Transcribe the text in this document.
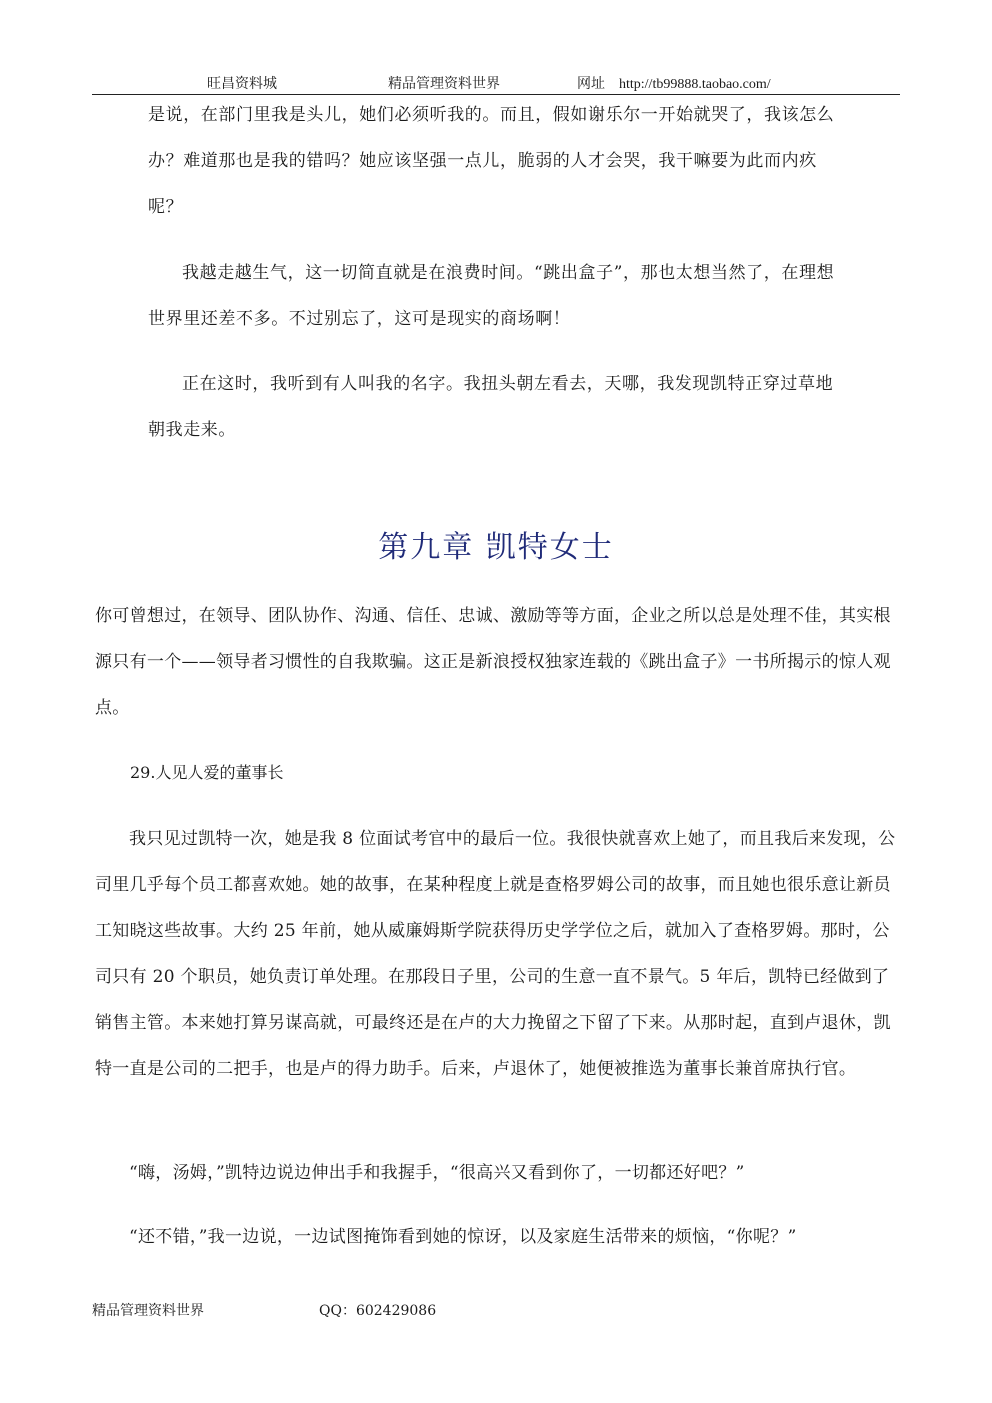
旺昌资料城	精品管理资料世界	网址 http://tb99888.taobao.com/

是说，在部门里我是头儿，她们必须听我的。而且，假如谢乐尔一开始就哭了，我该怎么办？难道那也是我的错吗？她应该坚强一点儿，脆弱的人才会哭，我干嘛要为此而内疚呢？

我越走越生气，这一切简直就是在浪费时间。“跳出盒子”，那也太想当然了，在理想世界里还差不多。不过别忘了，这可是现实的商场啊！

正在这时，我听到有人叫我的名字。我扭头朝左看去，天哪，我发现凯特正穿过草地朝我走来。

第九章 凯特女士

你可曾想过，在领导、团队协作、沟通、信任、忠诚、激励等等方面，企业之所以总是处理不佳，其实根源只有一个——领导者习惯性的自我欺骗。这正是新浪授权独家连载的《跳出盒子》一书所揭示的惊人观点。

29.人见人爱的董事长

我只见过凯特一次，她是我 8 位面试考官中的最后一位。我很快就喜欢上她了，而且我后来发现，公司里几乎每个员工都喜欢她。她的故事，在某种程度上就是查格罗姆公司的故事，而且她也很乐意让新员工知晓这些故事。大约 25 年前，她从威廉姆斯学院获得历史学学位之后，就加入了查格罗姆。那时，公司只有 20 个职员，她负责订单处理。在那段日子里，公司的生意一直不景气。5 年后，凯特已经做到了销售主管。本来她打算另谋高就，可最终还是在卢的大力挽留之下留了下来。从那时起，直到卢退休，凯特一直是公司的二把手，也是卢的得力助手。后来，卢退休了，她便被推选为董事长兼首席执行官。

“嗨，汤姆，”凯特边说边伸出手和我握手，“很高兴又看到你了，一切都还好吧？”

“还不错，”我一边说，一边试图掩饰看到她的惊讶，以及家庭生活带来的烦恼，“你呢？”

精品管理资料世界	QQ：602429086
